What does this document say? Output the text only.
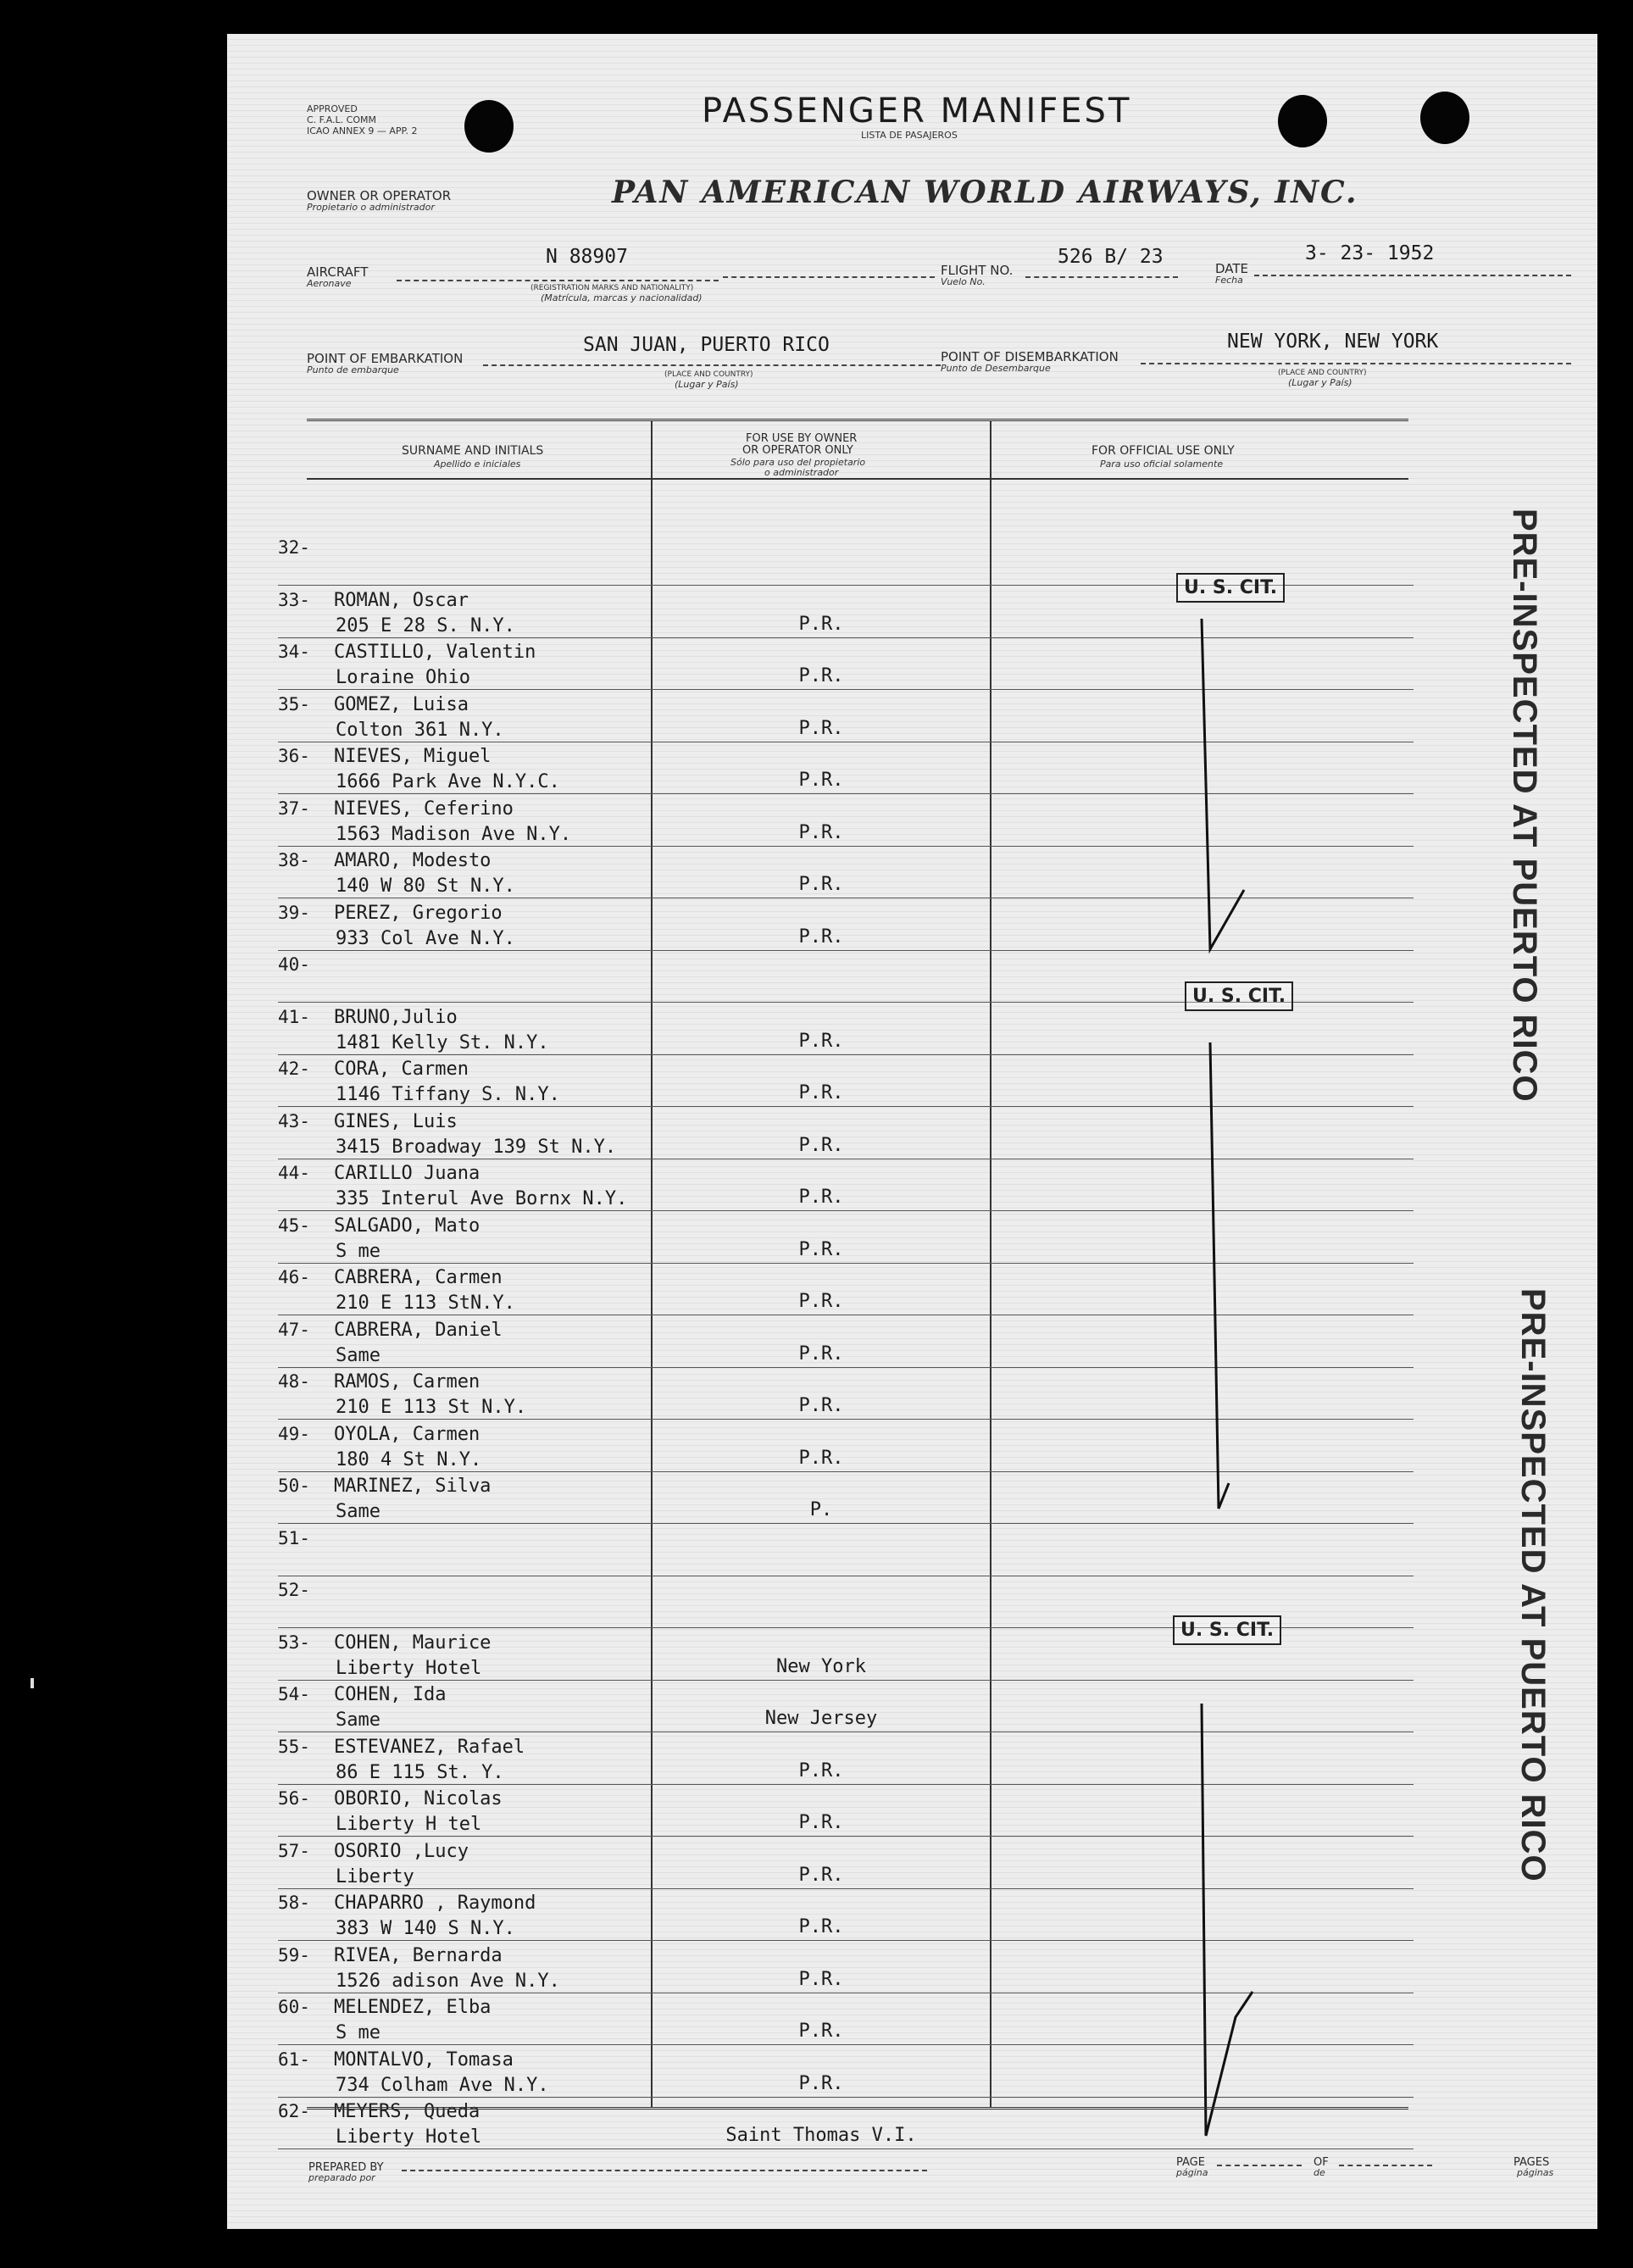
APPROVED
C. F.A.L. COMM
ICAO ANNEX 9 — APP. 2
PASSENGER MANIFEST
LISTA DE PASAJEROS
OWNER OR OPERATOR
Propietario o administrador	PAN AMERICAN WORLD AIRWAYS, INC.
AIRCRAFT
Aeronave
N 88907
(REGISTRATION MARKS AND NATIONALITY)
(Matrícula, marcas y nacionalidad)
FLIGHT NO.
Vuelo No.
526 B/ 23
DATE
Fecha
3- 23- 1952
POINT OF EMBARKATION
Punto de embarque
SAN JUAN, PUERTO RICO
(PLACE AND COUNTRY)
(Lugar y País)
POINT OF DISEMBARKATION
Punto de Desembarque
NEW YORK, NEW YORK
(PLACE AND COUNTRY)
(Lugar y País)
SURNAME AND INITIALS
Apellido e iniciales
FOR USE BY OWNER
OR OPERATOR ONLY
Sólo para uso del propietario
o administrador
FOR OFFICIAL USE ONLY
Para uso oficial solamente
32-
33- ROMAN, Oscar
205 E 28 S. N.Y.	P.R.
34- CASTILLO, Valentin
Loraine Ohio	P.R.
35- GOMEZ, Luisa
Colton 361 N.Y.	P.R.
36- NIEVES, Miguel
1666 Park Ave N.Y.C.	P.R.
37- NIEVES, Ceferino
1563 Madison Ave N.Y.	P.R.
38- AMARO, Modesto
140 W 80 St N.Y.	P.R.
39- PEREZ, Gregorio
933 Col Ave N.Y.	P.R.
40-
41- BRUNO,Julio
1481 Kelly St. N.Y.	P.R.
42- CORA, Carmen
1146 Tiffany S. N.Y.	P.R.
43- GINES, Luis
3415 Broadway 139 St N.Y.	P.R.
44- CARILLO Juana
335 Interul Ave Bornx N.Y.	P.R.
45- SALGADO, Mato
S me	P.R.
46- CABRERA, Carmen
210 E 113 StN.Y.	P.R.
47- CABRERA, Daniel
Same	P.R.
48- RAMOS, Carmen
210 E 113 St N.Y.	P.R.
49- OYOLA, Carmen
180 4 St N.Y.	P.R.
50- MARINEZ, Silva
Same	P.
51-
52-
53- COHEN, Maurice
Liberty Hotel	New York
54- COHEN, Ida
Same	New Jersey
55- ESTEVANEZ, Rafael
86 E 115 St. Y.	P.R.
56- OBORIO, Nicolas
Liberty H tel	P.R.
57- OSORIO ,Lucy
Liberty	P.R.
58- CHAPARRO , Raymond
383 W 140 S N.Y.	P.R.
59- RIVEA, Bernarda
1526 adison Ave N.Y.	P.R.
60- MELENDEZ, Elba
S me	P.R.
61- MONTALVO, Tomasa
734 Colham Ave N.Y.	P.R.
62- MEYERS, Queda
Liberty Hotel	Saint Thomas V.I.
U. S. CIT.
U. S. CIT.
U. S. CIT.
PRE-INSPECTED AT PUERTO RICO
PRE-INSPECTED AT PUERTO RICO
PREPARED BY
preparado por
PAGE
página
OF
de
PAGES
páginas
